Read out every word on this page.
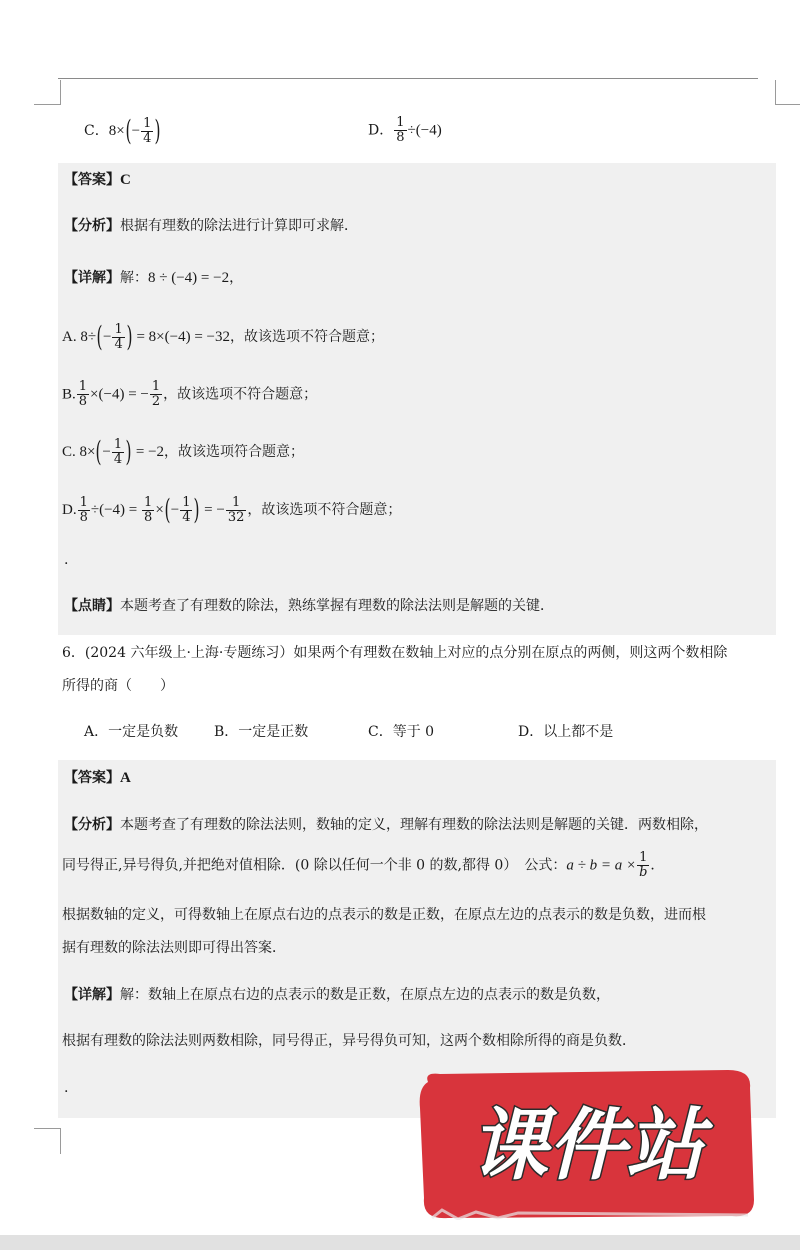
C．$8\times(- \frac{1}{4}$ )	D． $\frac{1}{8} \div(-4)$
【答案】C
【分析】根据有理数的除法进行计算即可求解．
【详解】解：8 ÷ (−4) = −2，
A. $8\div(- \frac{1}{4}$ ) = 8×(−4) = −32，故该选项不符合题意；
B. $\frac{1}{8} \times(-4)$ = − $\frac{1}{2}$ ，故该选项不符合题意；
C. $8\times(- \frac{1}{4}$ ) = −2，故该选项符合题意；
D. $\frac{1}{8} \div(-4) = \frac{1}{8}$ ×(− $\frac{1}{4}$ ) = − $\frac{1}{32}$ ，故该选项不符合题意；
.
【点睛】本题考查了有理数的除法，熟练掌握有理数的除法法则是解题的关键．
6．(2024 六年级上·上海·专题练习）如果两个有理数在数轴上对应的点分别在原点的两侧，则这两个数相除
所得的商（　　）
A．一定是负数	B．一定是正数	C．等于 0	D．以上都不是
【答案】A
【分析】本题考查了有理数的除法法则，数轴的定义，理解有理数的除法法则是解题的关键．两数相除，
同号得正,异号得负,并把绝对值相除．(0 除以任何一个非 0 的数,都得 0）　公式：$a \div b = a \times \frac{1}{b}$ ．
根据数轴的定义，可得数轴上在原点右边的点表示的数是正数，在原点左边的点表示的数是负数，进而根
据有理数的除法法则即可得出答案．
【详解】解：数轴上在原点右边的点表示的数是正数，在原点左边的点表示的数是负数，
根据有理数的除法法则两数相除，同号得正，异号得负可知，这两个数相除所得的商是负数．
.
课件站
